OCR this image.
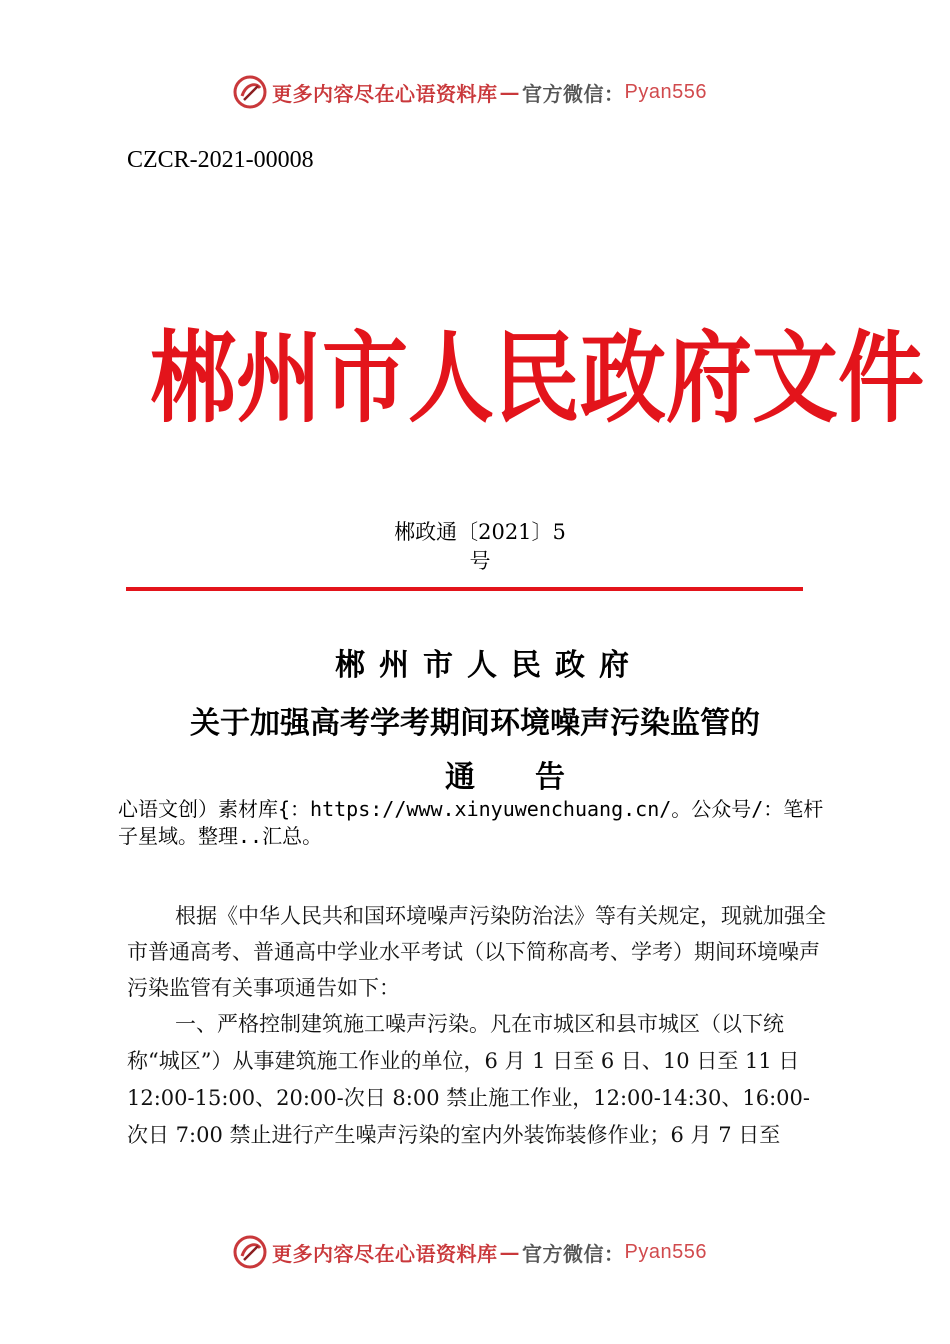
更多内容尽在心语资料库 — 官方微信： Pyan556
CZCR-2021-00008
郴 州 市 人 民 政 府 文 件
郴政通〔2021〕5
号
郴州市人民政府
关于加强高考学考期间环境噪声污染监管的
通告
心语文创）素材库{：https://www.xinyuwenchuang.cn/。公众号/：笔杆子星域。整理..汇总。
根据《中华人民共和国环境噪声污染防治法》等有关规定，现就加强全市普通高考、普通高中学业水平考试（以下简称高考、学考）期间环境噪声污染监管有关事项通告如下：
一、严格控制建筑施工噪声污染。凡在市城区和县市城区（以下统称“城区”）从事建筑施工作业的单位，6 月 1 日至 6 日、10 日至 11 日 12:00-15:00、20:00-次日 8:00 禁止施工作业，12:00-14:30、16:00-次日 7:00 禁止进行产生噪声污染的室内外装饰装修作业；6 月 7 日至
更多内容尽在心语资料库 — 官方微信： Pyan556
